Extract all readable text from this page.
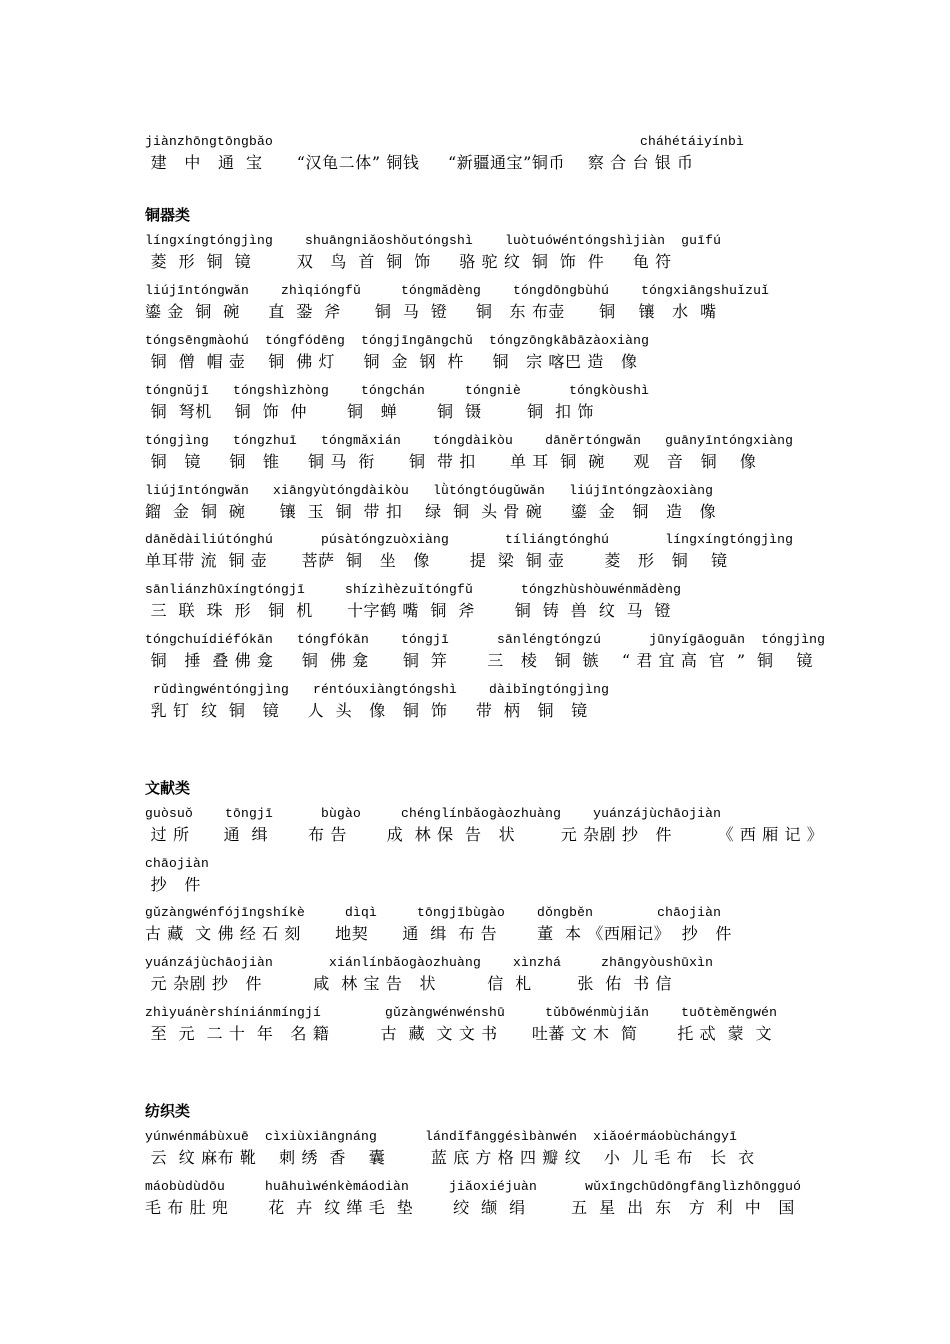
jiànzhōngtōngbǎo	cháhétáiyínbì
建   中   通  宝      “汉龟二体” 铜钱     “新疆通宝”铜币    察 合 台 银 币
铜器类
língxíngtóngjìng    shuāngniǎoshǒutóngshì    luòtuówéntóngshìjiàn  guīfú
菱  形  铜  镜        双   鸟  首  铜  饰     骆 驼 纹  铜  饰  件     龟 符
liújīntóngwǎn    zhìqióngfǔ     tóngmǎdèng    tóngdōngbùhú    tóngxiāngshuǐzuǐ
鎏 金  铜  碗     直  銎  斧      铜  马  镫     铜   东 布壶      铜    镶   水  嘴
tóngsēngmàohú  tóngfódēng  tóngjīngāngchǔ  tóngzōngkābāzàoxiàng
铜  僧  帽 壶    铜  佛 灯     铜  金  钢  杵     铜   宗 喀巴 造   像
tóngnǔjī   tóngshìzhòng    tóngchán     tóngniè      tóngkòushì
铜  弩机    铜  饰  仲       铜   蝉       铜  镊        铜  扣 饰
tóngjìng   tóngzhuī   tóngmǎxián    tóngdàikòu    dāněrtóngwǎn   guānyīntóngxiàng
铜   镜     铜   锥     铜 马  衔      铜  带 扣      单 耳  铜  碗     观   音   铜    像
liújīntóngwǎn   xiāngyùtóngdàikòu   lǜtóngtóugǔwǎn   liújīntóngzàoxiàng
鎦  金  铜  碗      镶  玉  铜  带 扣    绿  铜  头 骨 碗     鎏  金   铜   造   像
dānědàiliútónghú      púsàtóngzuòxiàng       tíliángtónghú       língxíngtóngjìng
单耳带 流  铜 壶      菩萨  铜   坐   像       提  梁  铜 壶       菱   形   铜    镜
sānliánzhūxíngtóngjī     shízìhèzuǐtóngfǔ      tóngzhùshòuwénmǎdèng
三  联  珠  形   铜  机      十字鹤 嘴  铜  斧       铜  铸  兽  纹  马  镫
tóngchuídiéfókān   tóngfókān    tóngjī      sānléngtóngzú      jūnyígāoguān  tóngjìng
铜   捶  叠 佛 龛     铜  佛 龛      铜  笄       三   棱   铜  镞    “ 君 宜 高  官  ”  铜    镜
rǔdìngwéntóngjìng   réntóuxiàngtóngshì    dàibǐngtóngjìng
乳 钉  纹  铜   镜     人  头   像   铜  饰     带  柄   铜   镜
文献类
guòsuǒ    tōngjī      bùgào     chénglínbǎogàozhuàng    yuánzájùchāojiàn
过 所      通  缉       布 告       成  林 保  告   状        元 杂剧 抄   件        《 西 厢 记 》
chāojiàn
抄   件
gǔzàngwénfójīngshíkè     dìqì     tōngjībùgào    dǒngběn        chāojiàn
古 藏  文 佛 经 石 刻      地契      通  缉  布 告       董  本 《西厢记》  抄   件
yuánzájùchāojiàn       xiánlínbǎogàozhuàng    xìnzhá     zhāngyòushūxìn
元 杂剧 抄   件         咸  林 宝 告   状         信  札        张  佑  书 信
zhìyuánèrshíniánmíngjí        gǔzàngwénwénshū     tǔbōwénmùjiǎn    tuōtèměngwén
至  元  二 十  年   名 籍         古  藏  文 文 书      吐蕃 文 木  简       托 忒  蒙  文
纺织类
yúnwénmábùxuē  cìxiùxiāngnáng      lándǐfānggésìbànwén  xiǎoérmáobùchángyī
云  纹 麻布 靴    刺 绣  香    囊        蓝 底 方 格 四 瓣 纹    小  儿 毛 布   长  衣
máobùdùdōu     huāhuìwénkèmáodiàn     jiǎoxiéjuàn      wǔxīngchūdōngfānglìzhōngguó
毛 布 肚 兜       花  卉  纹 缂 毛  垫       绞  缬  绢        五  星  出  东   方  利  中   国
